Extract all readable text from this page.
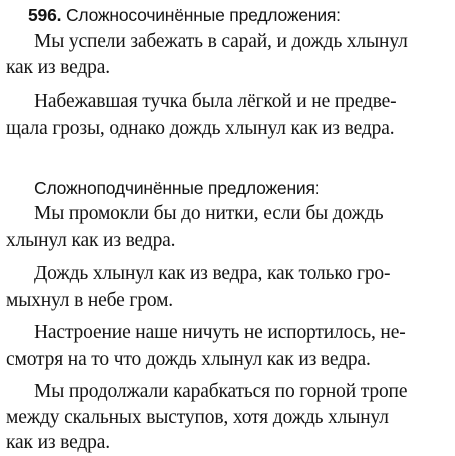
596. Сложносочинённые предложения:
Мы успели забежать в сарай, и дождь хлынул
как из ведра.
Набежавшая тучка была лёгкой и не предве-
щала грозы, однако дождь хлынул как из ведра.
Сложноподчинённые предложения:
Мы промокли бы до нитки, если бы дождь
хлынул как из ведра.
Дождь хлынул как из ведра, как только гро-
мыхнул в небе гром.
Настроение наше ничуть не испортилось, не-
смотря на то что дождь хлынул как из ведра.
Мы продолжали карабкаться по горной тропе
между скальных выступов, хотя дождь хлынул
как из ведра.
